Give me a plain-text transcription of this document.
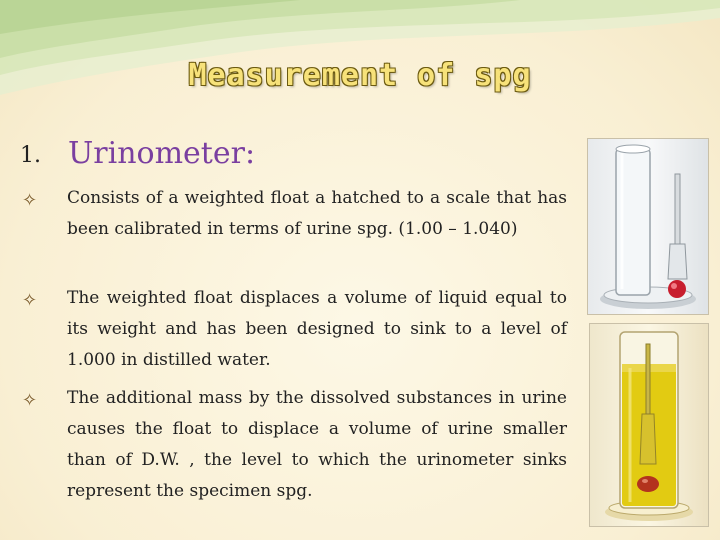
Measurement of spg
1. Urinometer:
✧ Consists of a weighted float a hatched to a scale that has been calibrated in terms of urine spg. (1.00 – 1.040)
✧ The weighted float displaces a volume of liquid equal to its weight and has been designed to sink to a level of 1.000 in distilled water.
✧ The additional mass by the dissolved substances in urine causes the float to displace a volume of urine smaller than of D.W. , the level to which the urinometer sinks represent the specimen spg.
